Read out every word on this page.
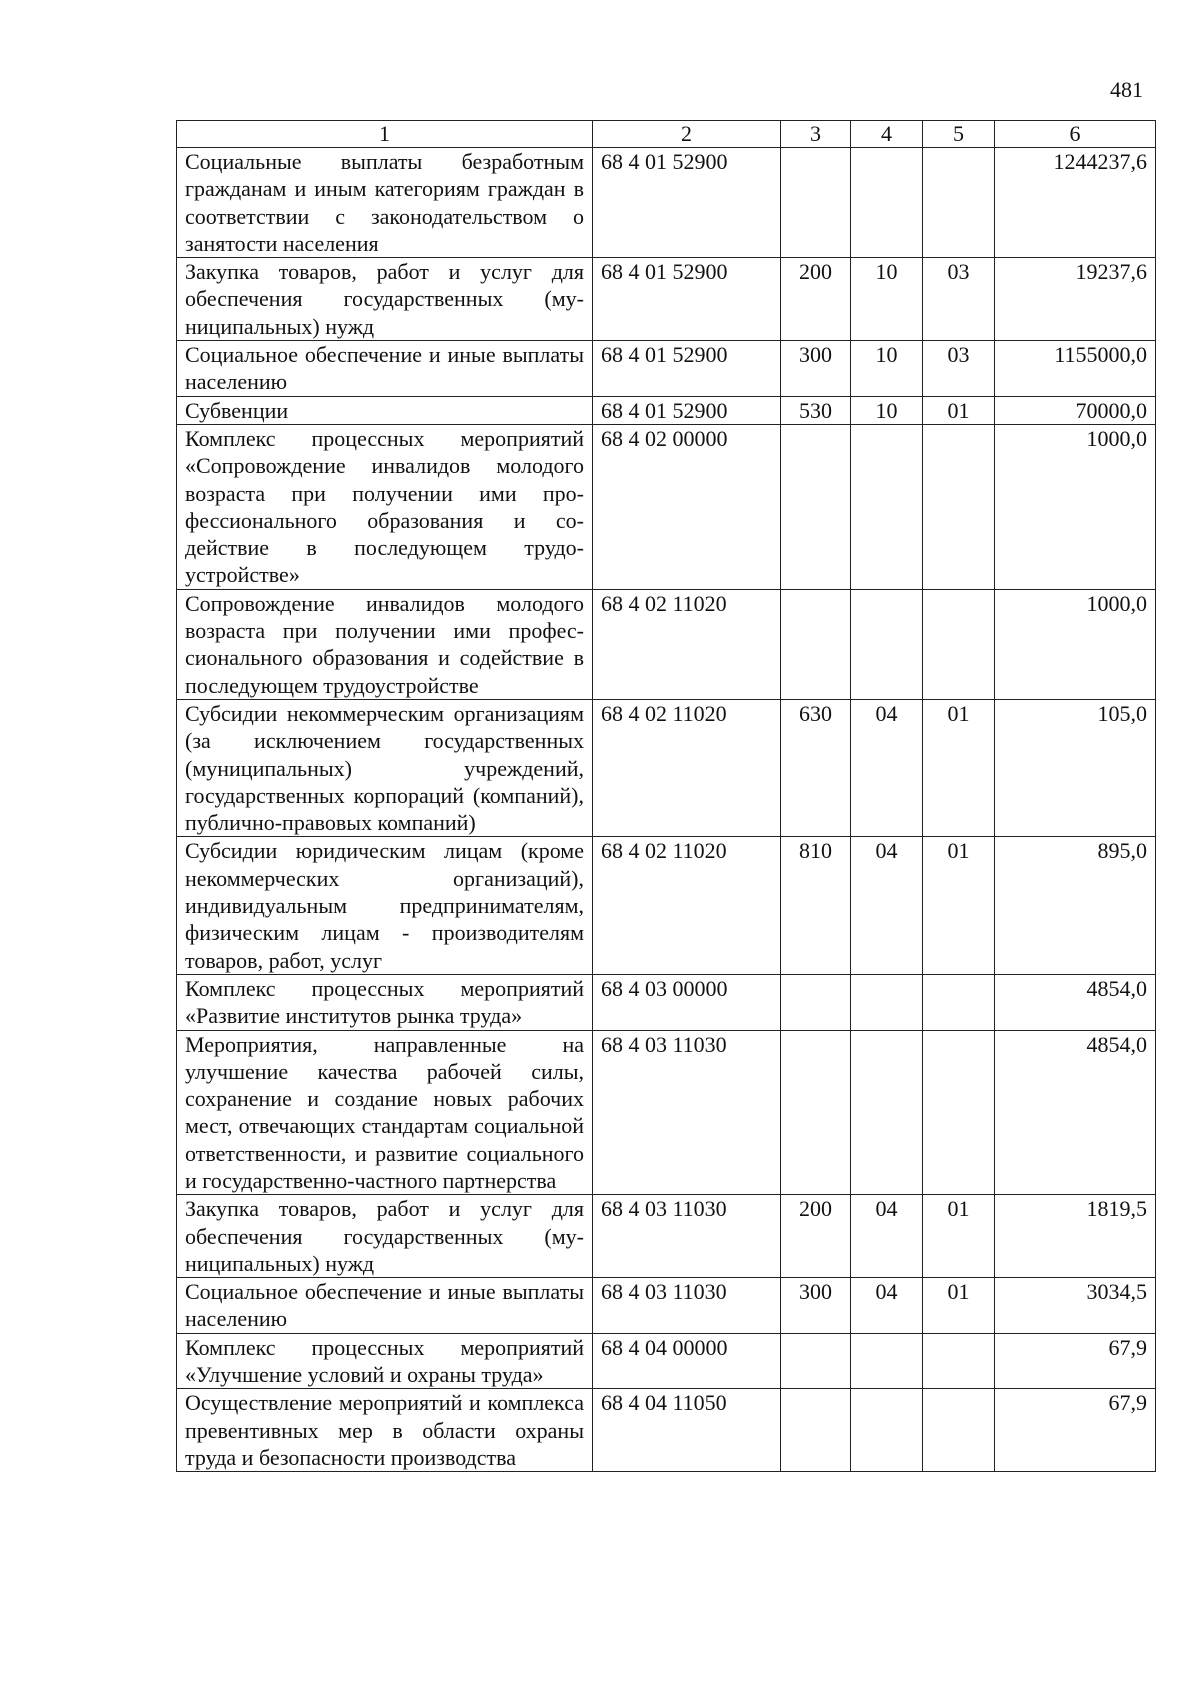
481
1	2	3	4	5	6
Социальные выплаты безработным гражданам и иным категориям граждан в соответствии с законодательством о занятости населения	68 4 01 52900				1244237,6
Закупка товаров, работ и услуг для обеспечения государственных (муниципальных) нужд	68 4 01 52900	200	10	03	19237,6
Социальное обеспечение и иные выплаты населению	68 4 01 52900	300	10	03	1155000,0
Субвенции	68 4 01 52900	530	10	01	70000,0
Комплекс процессных мероприятий «Сопровождение инвалидов молодого возраста при получении ими профессионального образования и содействие в последующем трудоустройстве»	68 4 02 00000				1000,0
Сопровождение инвалидов молодого возраста при получении ими профессионального образования и содействие в последующем трудоустройстве	68 4 02 11020				1000,0
Субсидии некоммерческим организациям (за исключением государственных (муниципальных) учреждений, государственных корпораций (компаний), публично-правовых компаний)	68 4 02 11020	630	04	01	105,0
Субсидии юридическим лицам (кроме некоммерческих организаций), индивидуальным предпринимателям, физическим лицам - производителям товаров, работ, услуг	68 4 02 11020	810	04	01	895,0
Комплекс процессных мероприятий «Развитие институтов рынка труда»	68 4 03 00000				4854,0
Мероприятия, направленные на улучшение качества рабочей силы, сохранение и создание новых рабочих мест, отвечающих стандартам социальной ответственности, и развитие социального и государственно-частного партнерства	68 4 03 11030				4854,0
Закупка товаров, работ и услуг для обеспечения государственных (муниципальных) нужд	68 4 03 11030	200	04	01	1819,5
Социальное обеспечение и иные выплаты населению	68 4 03 11030	300	04	01	3034,5
Комплекс процессных мероприятий «Улучшение условий и охраны труда»	68 4 04 00000				67,9
Осуществление мероприятий и комплекса превентивных мер в области охраны труда и безопасности производства	68 4 04 11050				67,9
